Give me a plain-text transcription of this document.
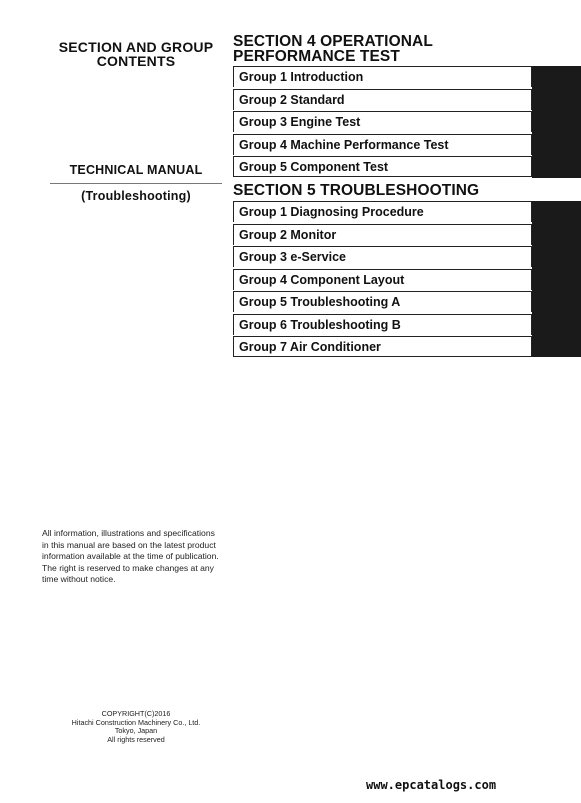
SECTION AND GROUP
CONTENTS
TECHNICAL MANUAL
(Troubleshooting)
SECTION 4 OPERATIONAL
PERFORMANCE TEST
Group 1 Introduction
Group 2 Standard
Group 3 Engine Test
Group 4 Machine Performance Test
Group 5 Component Test
SECTION 5 TROUBLESHOOTING
Group 1 Diagnosing Procedure
Group 2 Monitor
Group 3 e-Service
Group 4 Component Layout
Group 5 Troubleshooting A
Group 6 Troubleshooting B
Group 7 Air Conditioner
All information, illustrations and specifications in this manual are based on the latest product information available at the time of publication. The right is reserved to make changes at any time without notice.
COPYRIGHT(C)2016
Hitachi Construction Machinery Co., Ltd.
Tokyo, Japan
All rights reserved
www.epcatalogs.com
